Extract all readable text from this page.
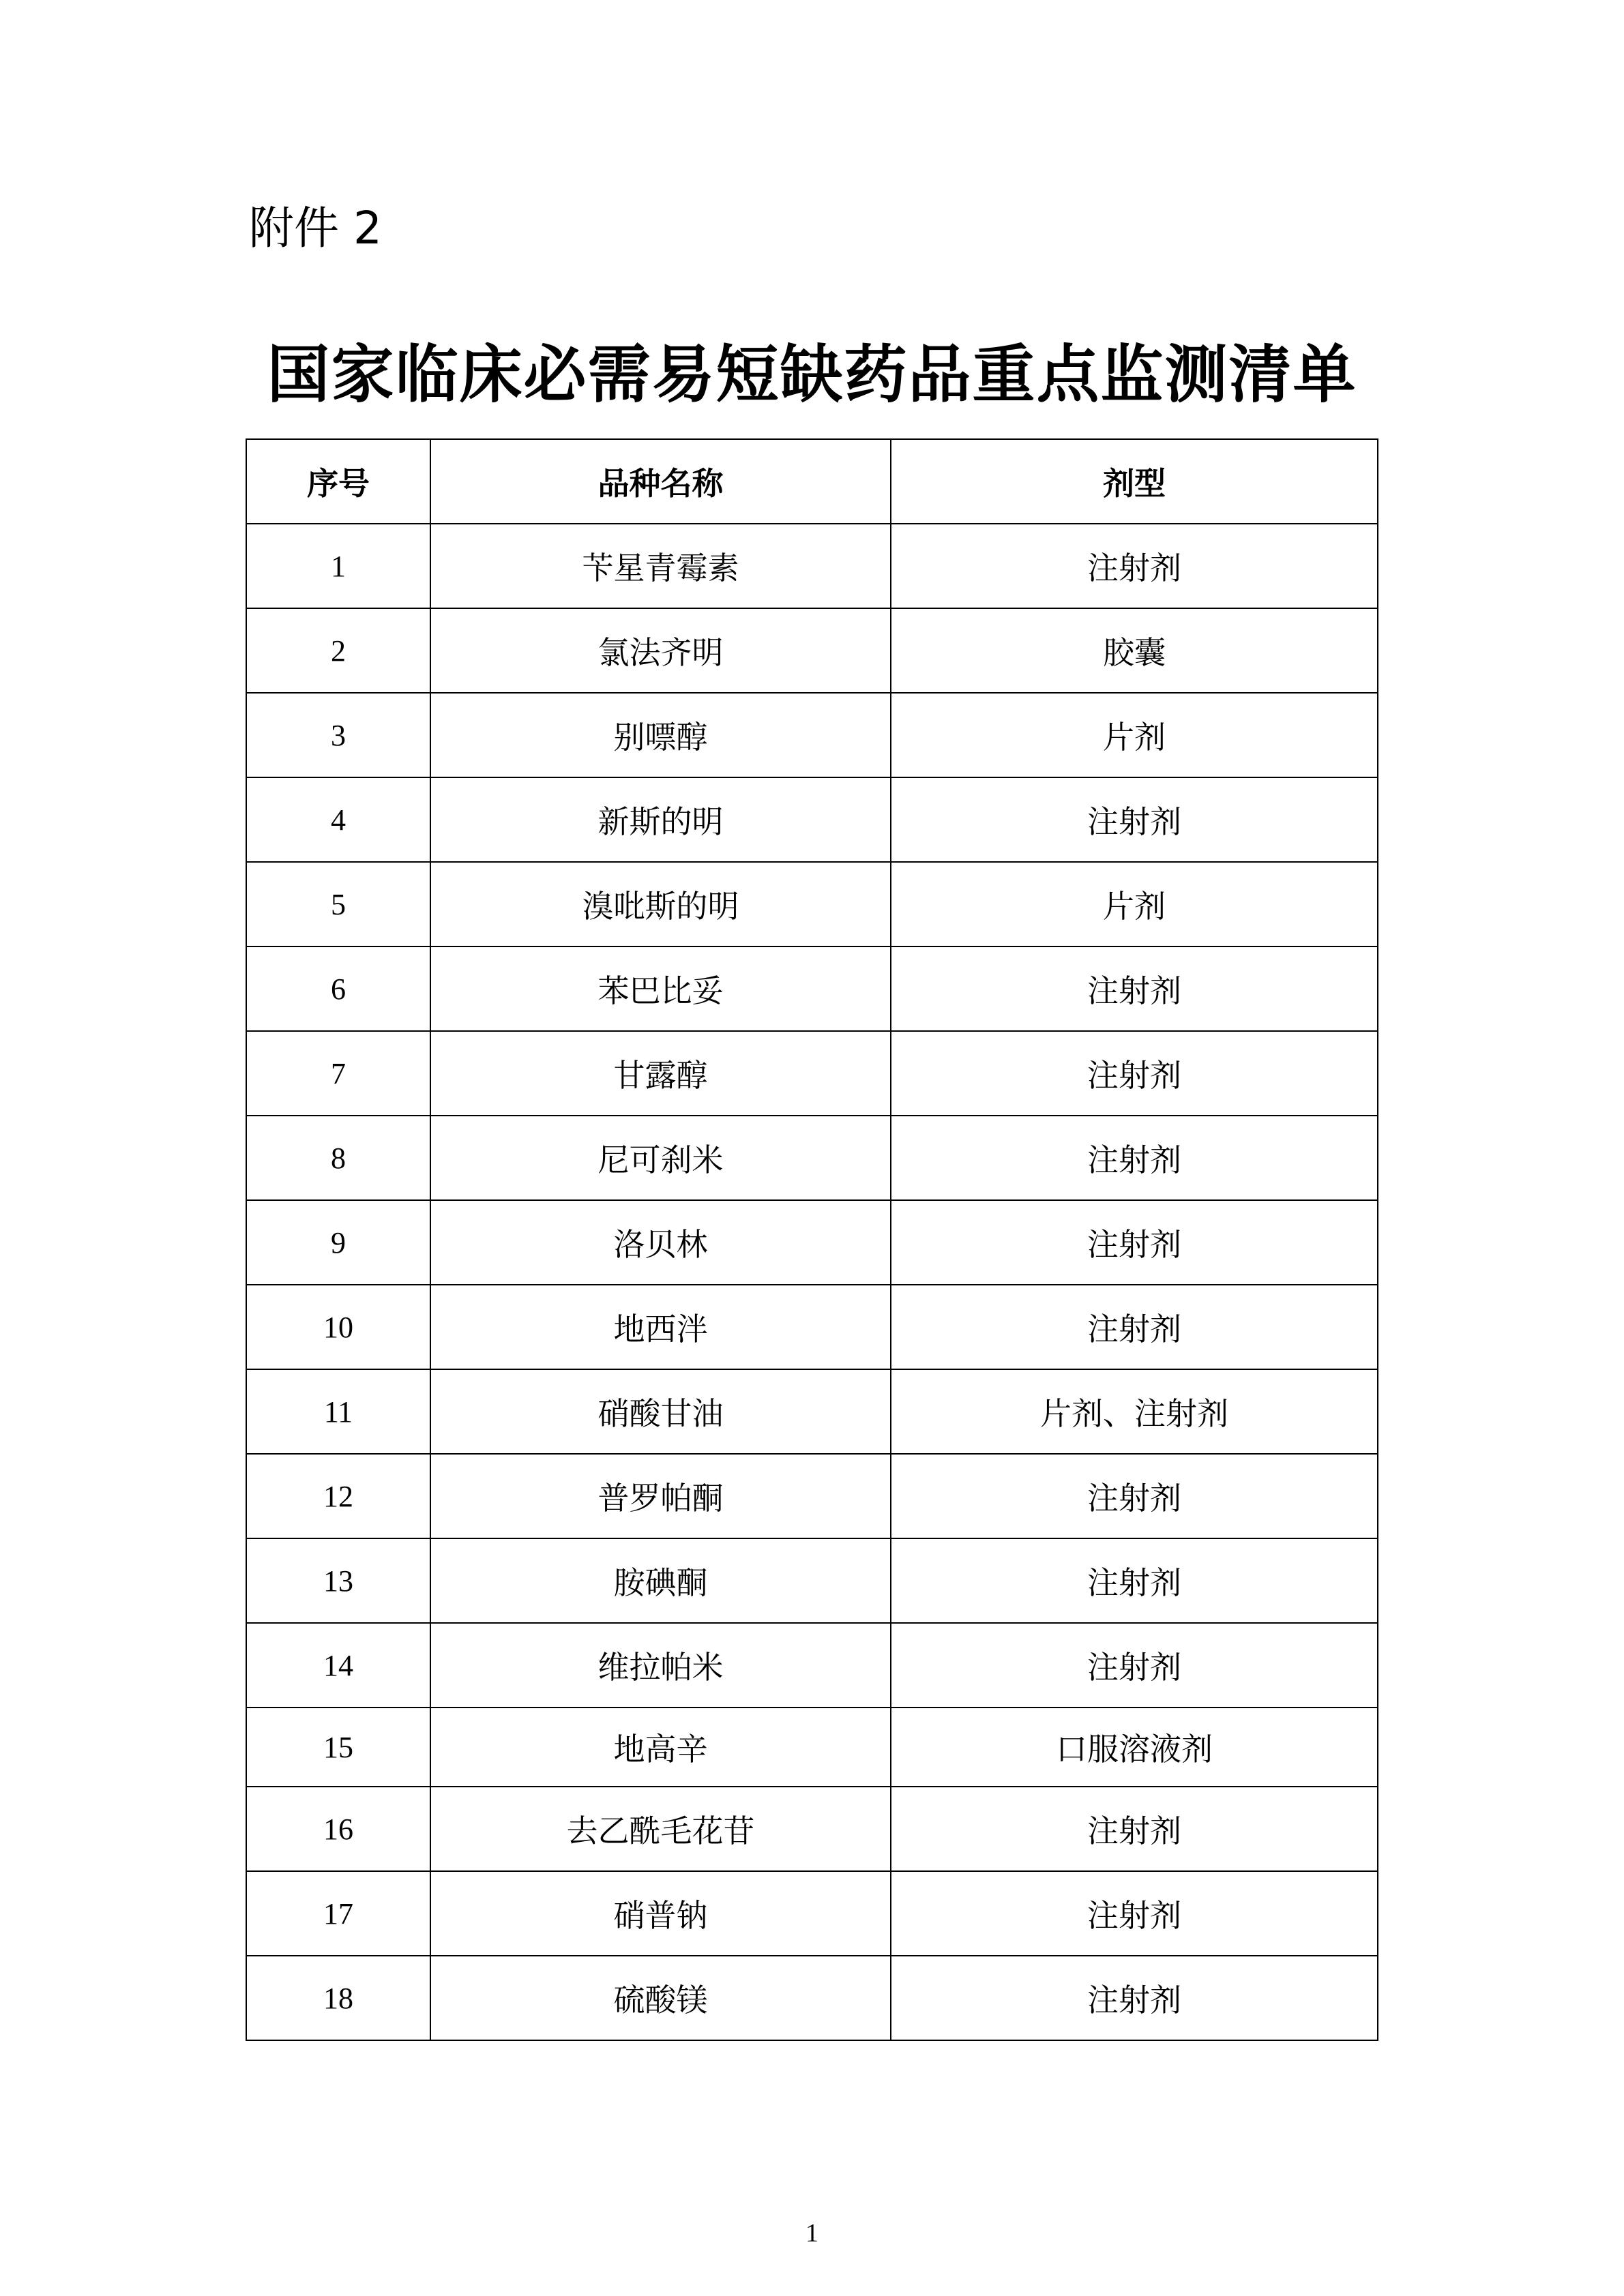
附件 2
国家临床必需易短缺药品重点监测清单
序号	品种名称	剂型
1	苄星青霉素	注射剂
2	氯法齐明	胶囊
3	别嘌醇	片剂
4	新斯的明	注射剂
5	溴吡斯的明	片剂
6	苯巴比妥	注射剂
7	甘露醇	注射剂
8	尼可刹米	注射剂
9	洛贝林	注射剂
10	地西泮	注射剂
11	硝酸甘油	片剂、注射剂
12	普罗帕酮	注射剂
13	胺碘酮	注射剂
14	维拉帕米	注射剂
15	地高辛	口服溶液剂
16	去乙酰毛花苷	注射剂
17	硝普钠	注射剂
18	硫酸镁	注射剂
1
